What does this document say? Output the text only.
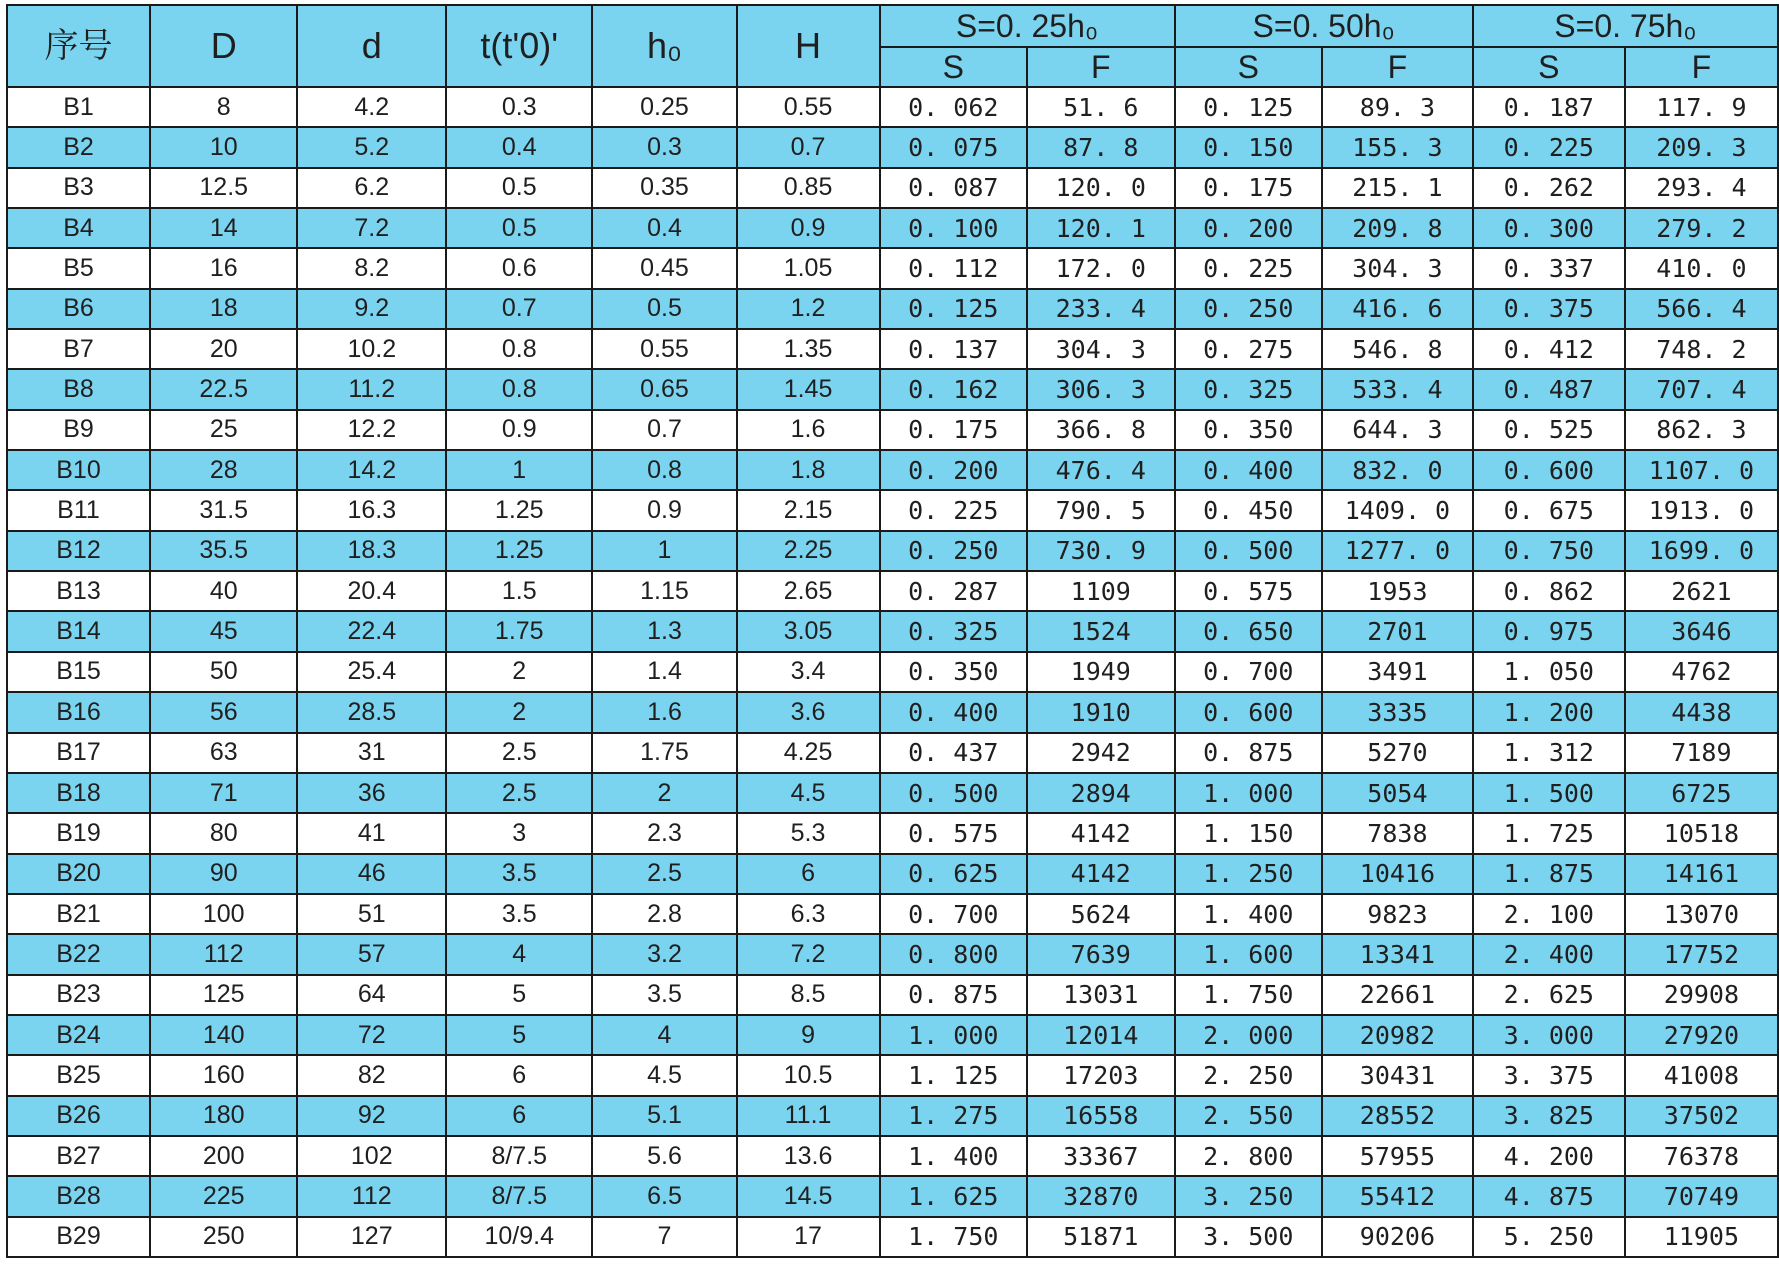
序号	D	d	t(t'0)'	h₀	H	S=0. 25h₀		S=0. 50h₀		S=0. 75h₀	
						S	F	S	F	S	F
B1	8	4.2	0.3	0.25	0.55	0. 062	51. 6	0. 125	89. 3	0. 187	117. 9
B2	10	5.2	0.4	0.3	0.7	0. 075	87. 8	0. 150	155. 3	0. 225	209. 3
B3	12.5	6.2	0.5	0.35	0.85	0. 087	120. 0	0. 175	215. 1	0. 262	293. 4
B4	14	7.2	0.5	0.4	0.9	0. 100	120. 1	0. 200	209. 8	0. 300	279. 2
B5	16	8.2	0.6	0.45	1.05	0. 112	172. 0	0. 225	304. 3	0. 337	410. 0
B6	18	9.2	0.7	0.5	1.2	0. 125	233. 4	0. 250	416. 6	0. 375	566. 4
B7	20	10.2	0.8	0.55	1.35	0. 137	304. 3	0. 275	546. 8	0. 412	748. 2
B8	22.5	11.2	0.8	0.65	1.45	0. 162	306. 3	0. 325	533. 4	0. 487	707. 4
B9	25	12.2	0.9	0.7	1.6	0. 175	366. 8	0. 350	644. 3	0. 525	862. 3
B10	28	14.2	1	0.8	1.8	0. 200	476. 4	0. 400	832. 0	0. 600	1107. 0
B11	31.5	16.3	1.25	0.9	2.15	0. 225	790. 5	0. 450	1409. 0	0. 675	1913. 0
B12	35.5	18.3	1.25	1	2.25	0. 250	730. 9	0. 500	1277. 0	0. 750	1699. 0
B13	40	20.4	1.5	1.15	2.65	0. 287	1109	0. 575	1953	0. 862	2621
B14	45	22.4	1.75	1.3	3.05	0. 325	1524	0. 650	2701	0. 975	3646
B15	50	25.4	2	1.4	3.4	0. 350	1949	0. 700	3491	1. 050	4762
B16	56	28.5	2	1.6	3.6	0. 400	1910	0. 600	3335	1. 200	4438
B17	63	31	2.5	1.75	4.25	0. 437	2942	0. 875	5270	1. 312	7189
B18	71	36	2.5	2	4.5	0. 500	2894	1. 000	5054	1. 500	6725
B19	80	41	3	2.3	5.3	0. 575	4142	1. 150	7838	1. 725	10518
B20	90	46	3.5	2.5	6	0. 625	4142	1. 250	10416	1. 875	14161
B21	100	51	3.5	2.8	6.3	0. 700	5624	1. 400	9823	2. 100	13070
B22	112	57	4	3.2	7.2	0. 800	7639	1. 600	13341	2. 400	17752
B23	125	64	5	3.5	8.5	0. 875	13031	1. 750	22661	2. 625	29908
B24	140	72	5	4	9	1. 000	12014	2. 000	20982	3. 000	27920
B25	160	82	6	4.5	10.5	1. 125	17203	2. 250	30431	3. 375	41008
B26	180	92	6	5.1	11.1	1. 275	16558	2. 550	28552	3. 825	37502
B27	200	102	8/7.5	5.6	13.6	1. 400	33367	2. 800	57955	4. 200	76378
B28	225	112	8/7.5	6.5	14.5	1. 625	32870	3. 250	55412	4. 875	70749
B29	250	127	10/9.4	7	17	1. 750	51871	3. 500	90206	5. 250	11905
